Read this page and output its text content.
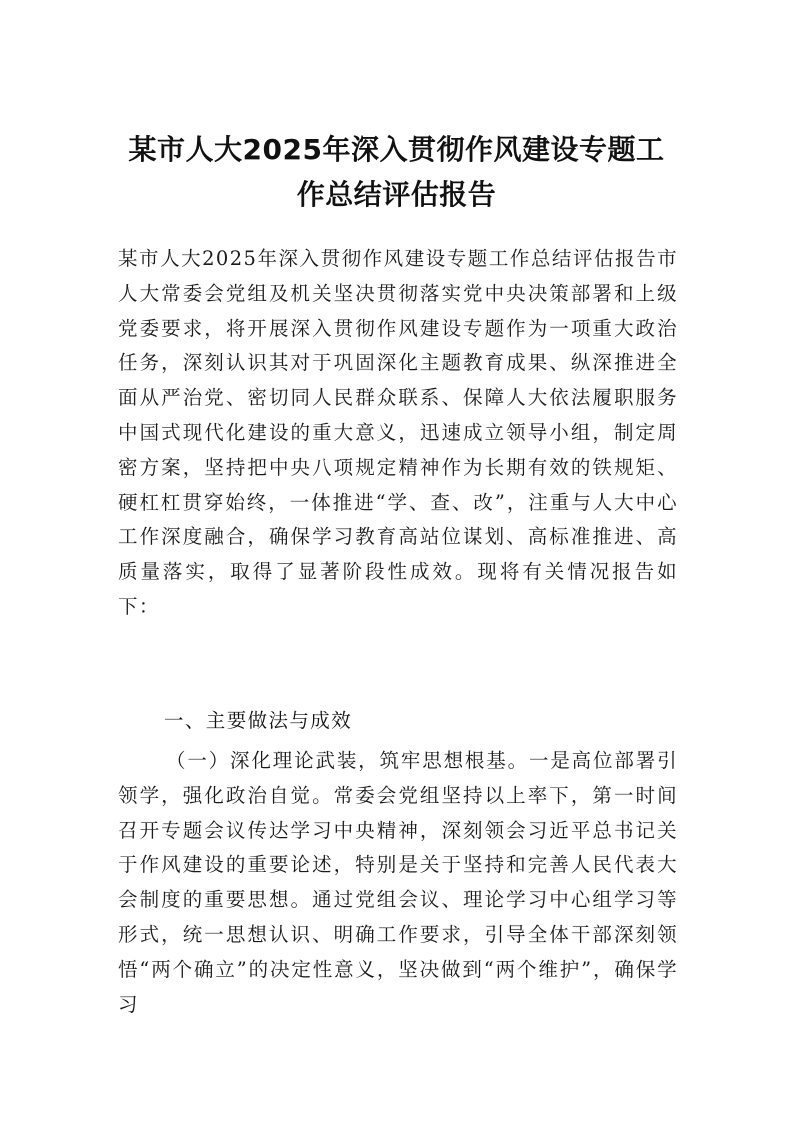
某市人大2025年深入贯彻作风建设专题工
作总结评估报告

某市人大2025年深入贯彻作风建设专题工作总结评估报告市人大常委会党组及机关坚决贯彻落实党中央决策部署和上级党委要求，将开展深入贯彻作风建设专题作为一项重大政治任务，深刻认识其对于巩固深化主题教育成果、纵深推进全面从严治党、密切同人民群众联系、保障人大依法履职服务中国式现代化建设的重大意义，迅速成立领导小组，制定周密方案，坚持把中央八项规定精神作为长期有效的铁规矩、硬杠杠贯穿始终，一体推进“学、查、改”，注重与人大中心工作深度融合，确保学习教育高站位谋划、高标准推进、高质量落实，取得了显著阶段性成效。现将有关情况报告如下：

一、主要做法与成效

（一）深化理论武装，筑牢思想根基。一是高位部署引领学，强化政治自觉。常委会党组坚持以上率下，第一时间召开专题会议传达学习中央精神，深刻领会习近平总书记关于作风建设的重要论述，特别是关于坚持和完善人民代表大会制度的重要思想。通过党组会议、理论学习中心组学习等形式，统一思想认识、明确工作要求，引导全体干部深刻领悟“两个确立”的决定性意义，坚决做到“两个维护”，确保学习
